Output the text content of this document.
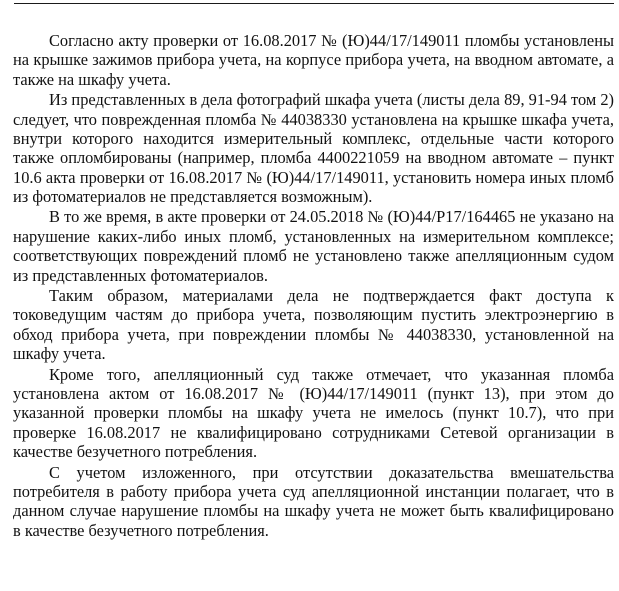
Согласно акту проверки от 16.08.2017 № (Ю)44/17/149011 пломбы установлены на крышке зажимов прибора учета, на корпусе прибора учета, на вводном автомате, а также на шкафу учета.

Из представленных в дела фотографий шкафа учета (листы дела 89, 91-94 том 2) следует, что поврежденная пломба № 44038330 установлена на крышке шкафа учета, внутри которого находится измерительный комплекс, отдельные части которого также опломбированы (например, пломба 4400221059 на вводном автомате – пункт 10.6 акта проверки от 16.08.2017 № (Ю)44/17/149011, установить номера иных пломб из фотоматериалов не представляется возможным).

В то же время, в акте проверки от 24.05.2018 № (Ю)44/Р17/164465 не указано на нарушение каких-либо иных пломб, установленных на измерительном комплексе; соответствующих повреждений пломб не установлено также апелляционным судом из представленных фотоматериалов.

Таким образом, материалами дела не подтверждается факт доступа к токоведущим частям до прибора учета, позволяющим пустить электроэнергию в обход прибора учета, при повреждении пломбы № 44038330, установленной на шкафу учета.

Кроме того, апелляционный суд также отмечает, что указанная пломба установлена актом от 16.08.2017 № (Ю)44/17/149011 (пункт 13), при этом до указанной проверки пломбы на шкафу учета не имелось (пункт 10.7), что при проверке 16.08.2017 не квалифицировано сотрудниками Сетевой организации в качестве безучетного потребления.

С учетом изложенного, при отсутствии доказательства вмешательства потребителя в работу прибора учета суд апелляционной инстанции полагает, что в данном случае нарушение пломбы на шкафу учета не может быть квалифицировано в качестве безучетного потребления.
